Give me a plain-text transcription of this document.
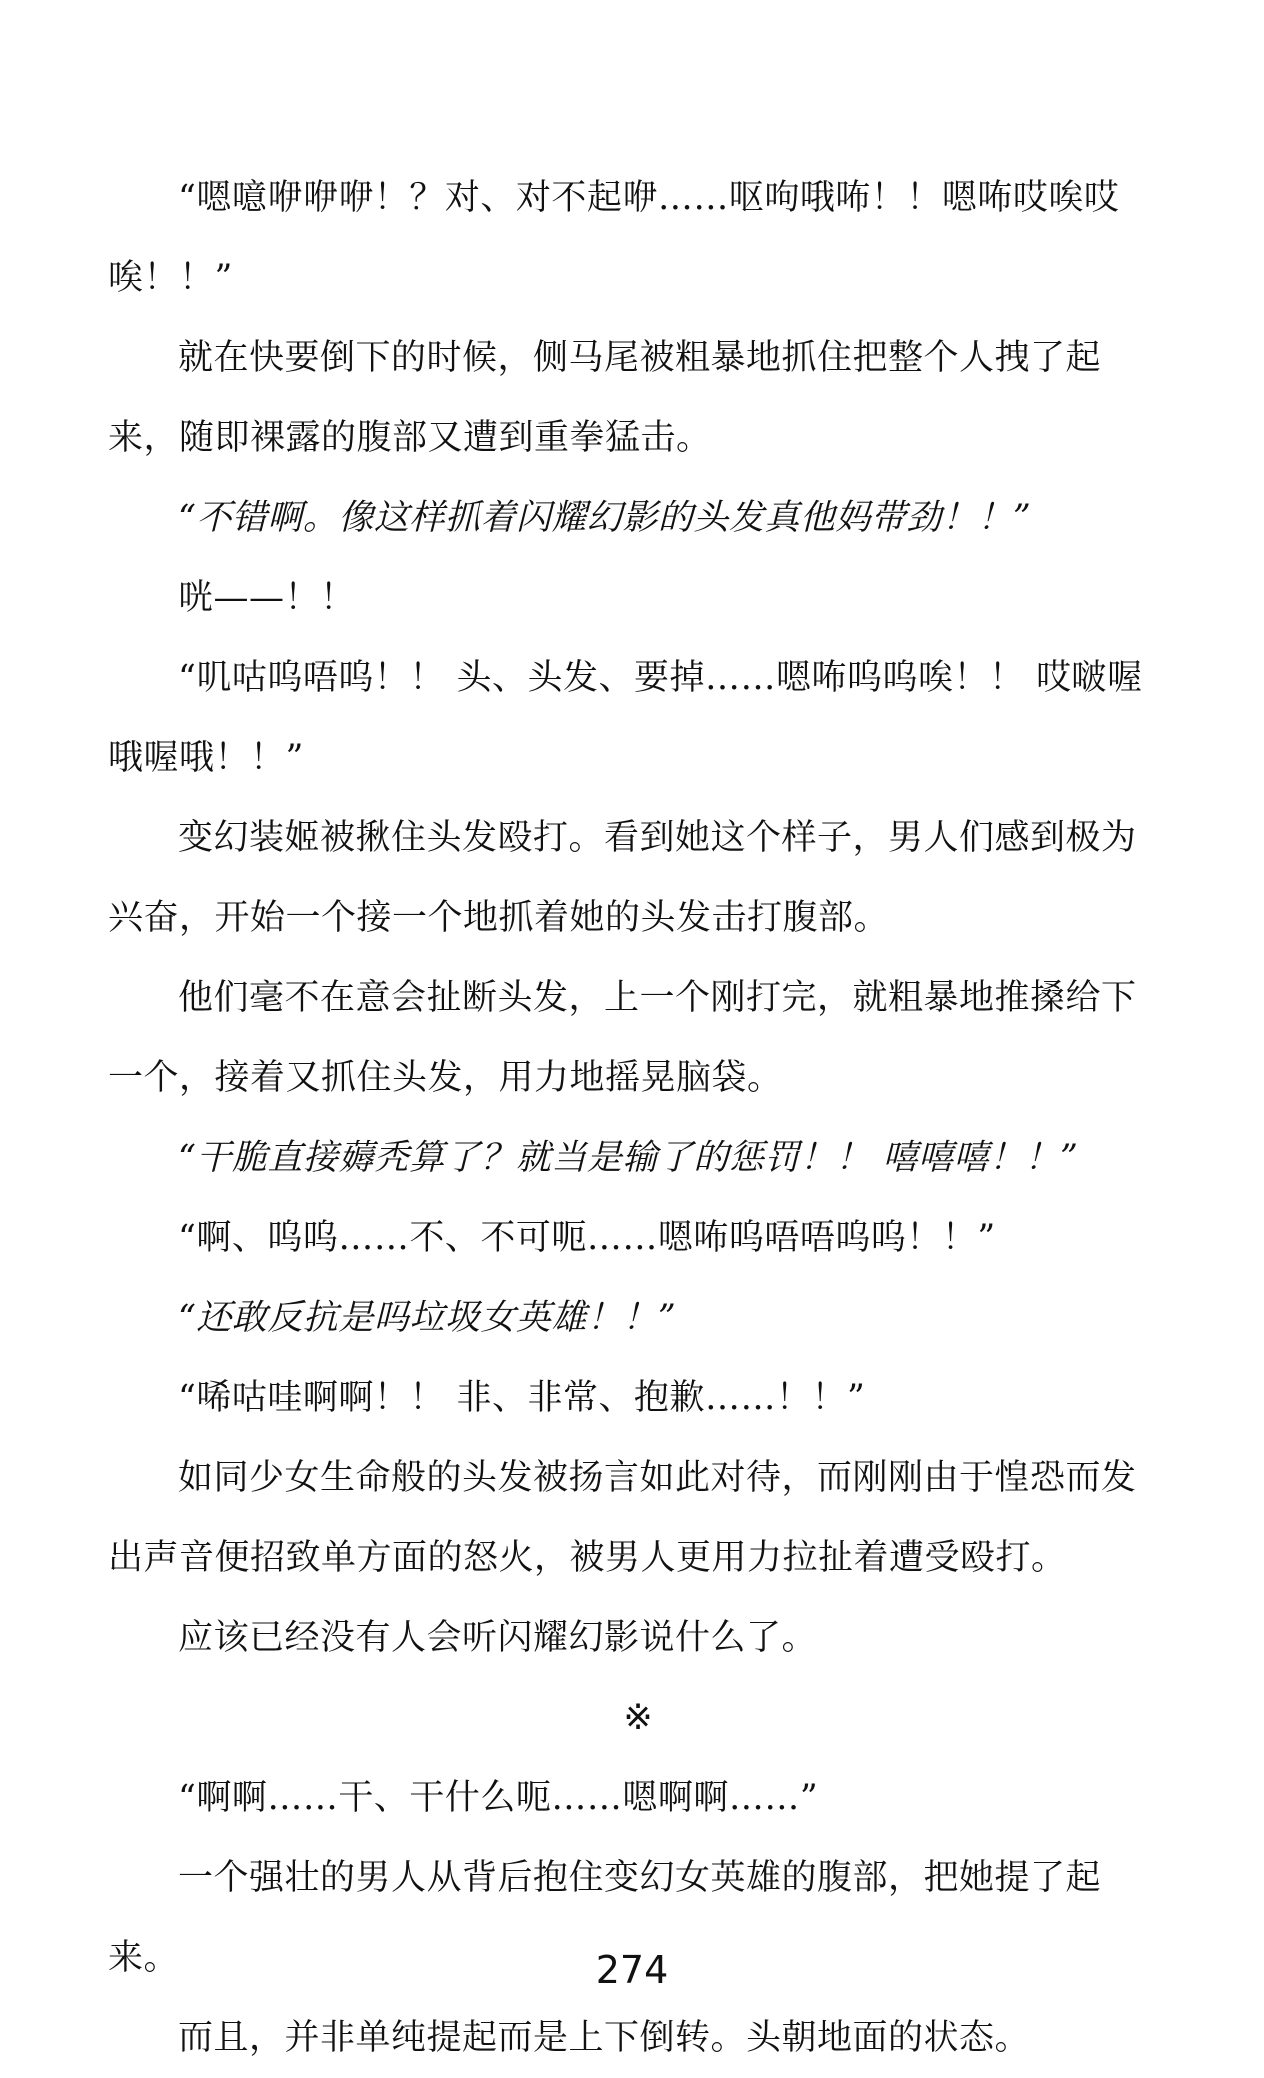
“嗯噫咿咿咿！？对、对不起咿……呕呴哦咘！！嗯咘哎唉哎唉！！”

就在快要倒下的时候，侧马尾被粗暴地抓住把整个人拽了起来，随即裸露的腹部又遭到重拳猛击。

“不错啊。像这样抓着闪耀幻影的头发真他妈带劲！！”

咣——！！

“叽咕呜唔呜！！ 头、头发、要掉……嗯咘呜呜唉！！ 哎啵喔哦喔哦！！”

变幻装姬被揪住头发殴打。看到她这个样子，男人们感到极为兴奋，开始一个接一个地抓着她的头发击打腹部。

他们毫不在意会扯断头发，上一个刚打完，就粗暴地推搡给下一个，接着又抓住头发，用力地摇晃脑袋。

“干脆直接薅秃算了？就当是输了的惩罚！！ 嘻嘻嘻！！”

“啊、呜呜……不、不可呃……嗯咘呜唔唔呜呜！！”

“还敢反抗是吗垃圾女英雄！！”

“唏咕哇啊啊！！ 非、非常、抱歉……！！”

如同少女生命般的头发被扬言如此对待，而刚刚由于惶恐而发出声音便招致单方面的怒火，被男人更用力拉扯着遭受殴打。

应该已经没有人会听闪耀幻影说什么了。

※

“啊啊……干、干什么呃……嗯啊啊……”

一个强壮的男人从背后抱住变幻女英雄的腹部，把她提了起来。

而且，并非单纯提起而是上下倒转。头朝地面的状态。

274
